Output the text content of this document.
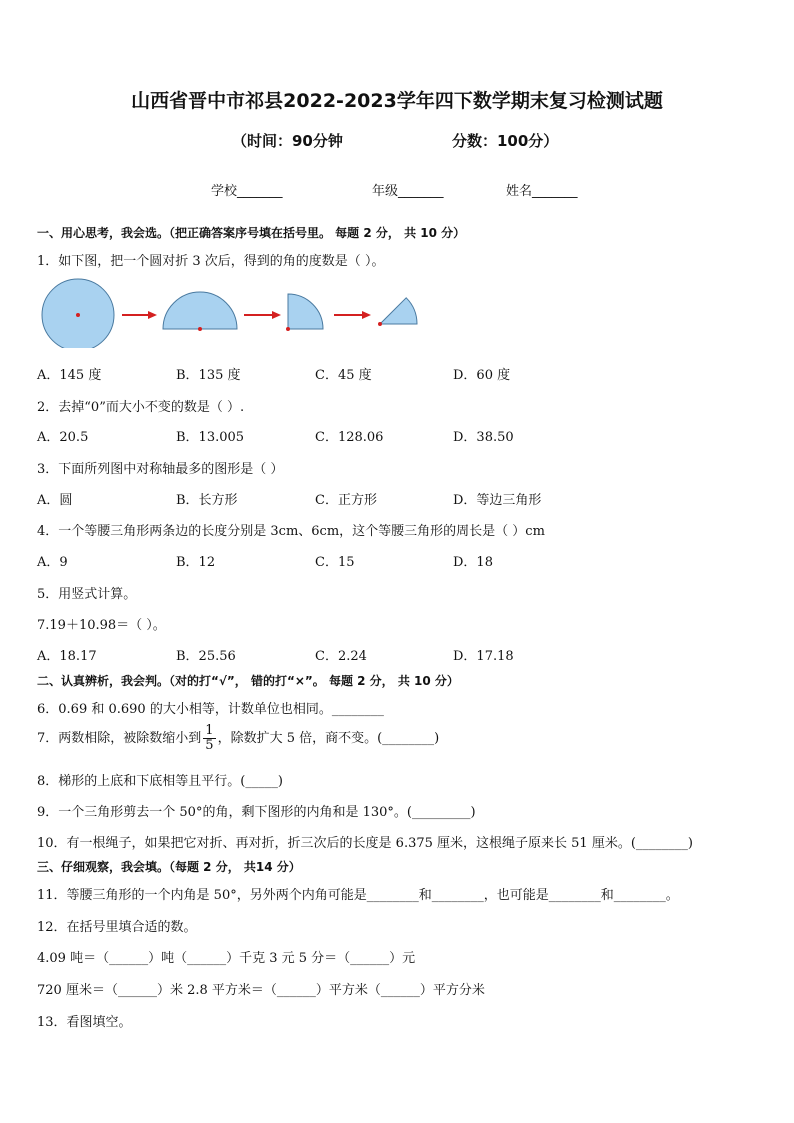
山西省晋中市祁县2022-2023学年四下数学期末复习检测试题
（时间：90分钟	分数：100分）
学校_______	年级_______	姓名_______
一、用心思考，我会选。（把正确答案序号填在括号里。 每题 2 分， 共 10 分）
1．如下图，把一个圆对折 3 次后，得到的角的度数是（ ）。
A．145 度	B．135 度	C．45 度	D．60 度
2．去掉“0”而大小不变的数是（ ）.
A．20.5	B．13.005	C．128.06	D．38.50
3．下面所列图中对称轴最多的图形是（ ）
A．圆	B．长方形	C．正方形	D．等边三角形
4．一个等腰三角形两条边的长度分别是 3cm、6cm，这个等腰三角形的周长是（ ）cm
A．9	B．12	C．15	D．18
5．用竖式计算。
7.19＋10.98＝（ ）。
A．18.17	B．25.56	C．2.24	D．17.18
二、认真辨析，我会判。（对的打“√”， 错的打“×”。 每题 2 分， 共 10 分）
6．0.69 和 0.690 的大小相等，计数单位也相同。________
7．两数相除，被除数缩小到 $\frac{1}{5}$ ，除数扩大 5 倍，商不变。(________)
8．梯形的上底和下底相等且平行。(_____)
9．一个三角形剪去一个 50°的角，剩下图形的内角和是 130°。(_________)
10．有一根绳子，如果把它对折、再对折，折三次后的长度是 6.375 厘米，这根绳子原来长 51 厘米。(________)
三、仔细观察，我会填。（每题 2 分， 共14 分）
11．等腰三角形的一个内角是 50°，另外两个内角可能是________和________，也可能是________和________。
12．在括号里填合适的数。
4.09 吨＝（______）吨（______）千克 3 元 5 分＝（______）元
720 厘米＝（______）米 2.8 平方米＝（______）平方米（______）平方分米
13．看图填空。
